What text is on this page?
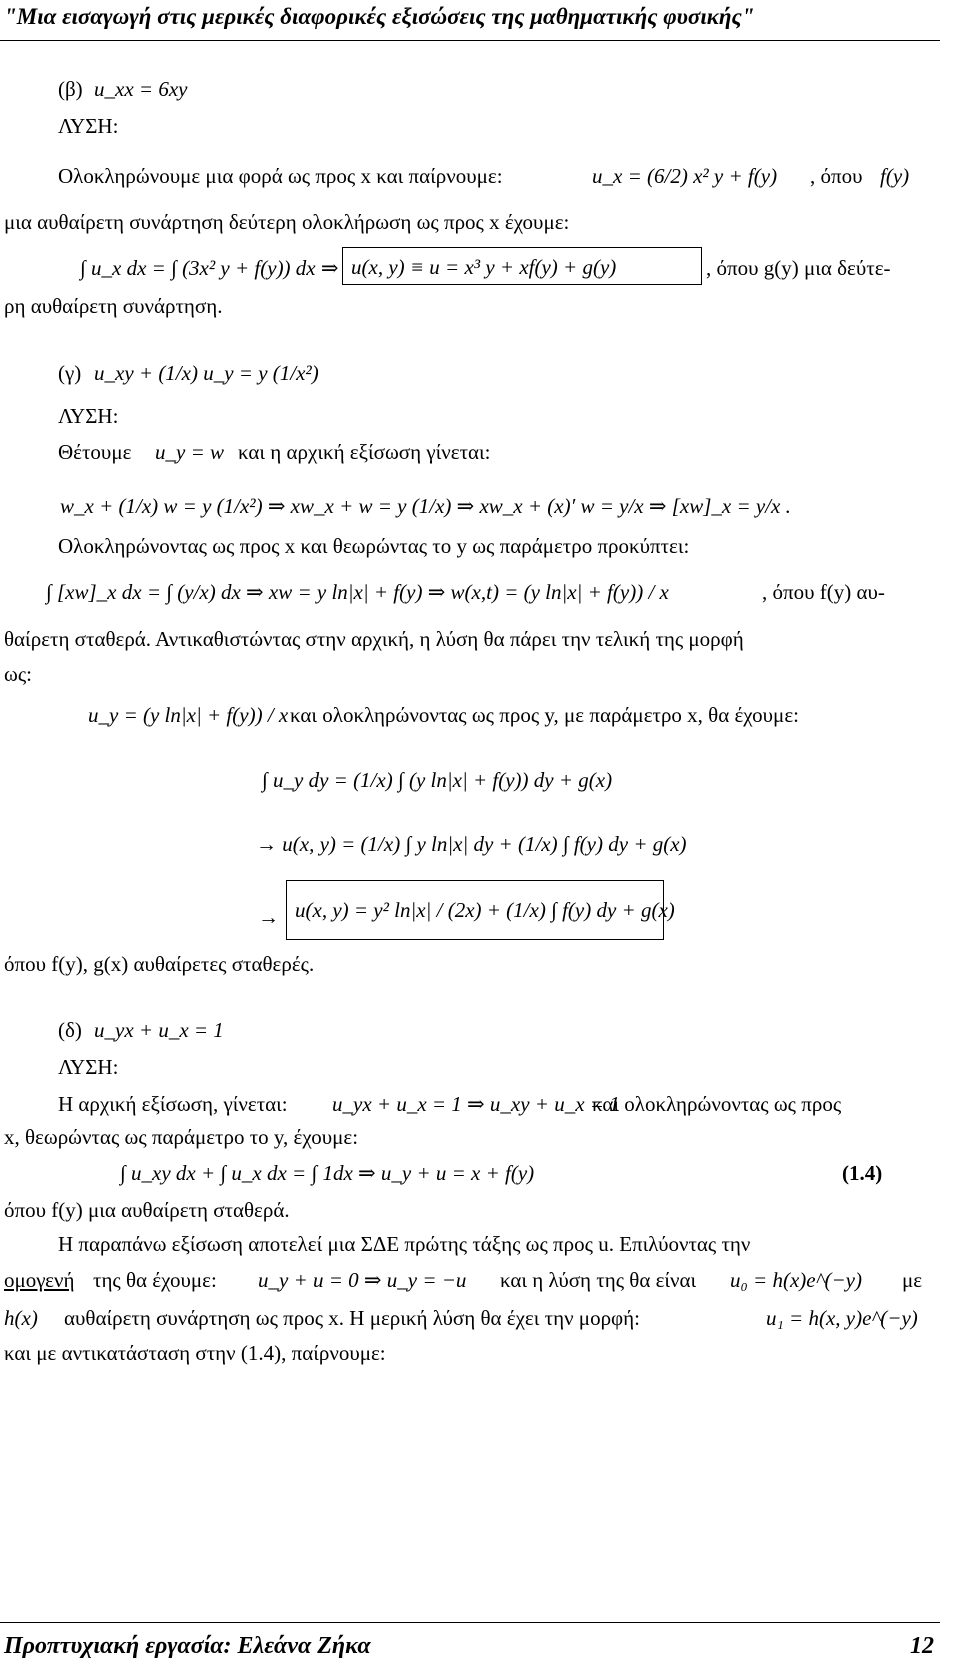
"Μια εισαγωγή στις μερικές διαφορικές εξισώσεις της μαθηματικής φυσικής"
(β) u_xx = 6xy
ΛΥΣΗ:
Ολοκληρώνουμε μια φορά ως προς x και παίρνουμε:	u_x = (6/2) x² y + f(y) , όπου f(y)
μια αυθαίρετη συνάρτηση δεύτερη ολοκλήρωση ως προς x έχουμε:
∫ u_x dx = ∫ (3x² y + f(y)) dx ⇒ u(x, y) ≡ u = x³ y + xf(y) + g(y)	, όπου g(y) μια δεύτε-
ρη αυθαίρετη συνάρτηση.
(γ) u_xy + (1/x) u_y = y (1/x²)
ΛΥΣΗ:
Θέτουμε u_y = w και η αρχική εξίσωση γίνεται:
w_x + (1/x) w = y (1/x²) ⇒ xw_x + w = y (1/x) ⇒ xw_x + (x)′ w = y/x ⇒ [xw]_x = y/x .
Ολοκληρώνοντας ως προς x και θεωρώντας το y ως παράμετρο προκύπτει:
∫ [xw]_x dx = ∫ (y/x) dx ⇒ xw = y ln|x| + f(y) ⇒ w(x,t) = (y ln|x| + f(y)) / x	, όπου f(y) αυ-
θαίρετη σταθερά. Αντικαθιστώντας στην αρχική, η λύση θα πάρει την τελική της μορφή
ως:
u_y = (y ln|x| + f(y)) / x και ολοκληρώνοντας ως προς y, με παράμετρο x, θα έχουμε:
∫ u_y dy = (1/x) ∫ (y ln|x| + f(y)) dy + g(x)
→ u(x, y) = (1/x) ∫ y ln|x| dy + (1/x) ∫ f(y) dy + g(x)
→ u(x, y) = y² ln|x| / (2x) + (1/x) ∫ f(y) dy + g(x)
όπου f(y), g(x) αυθαίρετες σταθερές.
(δ) u_yx + u_x = 1
ΛΥΣΗ:
Η αρχική εξίσωση, γίνεται: u_yx + u_x = 1 ⇒ u_xy + u_x = 1
και ολοκληρώνοντας ως προς
x, θεωρώντας ως παράμετρο το y, έχουμε:
∫ u_xy dx + ∫ u_x dx = ∫ 1dx ⇒ u_y + u = x + f(y)	(1.4)
όπου f(y) μια αυθαίρετη σταθερά.
Η παραπάνω εξίσωση αποτελεί μια ΣΔΕ πρώτης τάξης ως προς u. Επιλύοντας την
ομογενή της θα έχουμε: u_y + u = 0 ⇒ u_y = −u και η λύση της θα είναι u₀ = h(x)e^(−y) με
h(x) αυθαίρετη συνάρτηση ως προς x. Η μερική λύση θα έχει την μορφή:	u₁ = h(x, y)e^(−y)
και με αντικατάσταση στην (1.4), παίρνουμε:
Προπτυχιακή εργασία: Ελεάνα Ζήκα	12
